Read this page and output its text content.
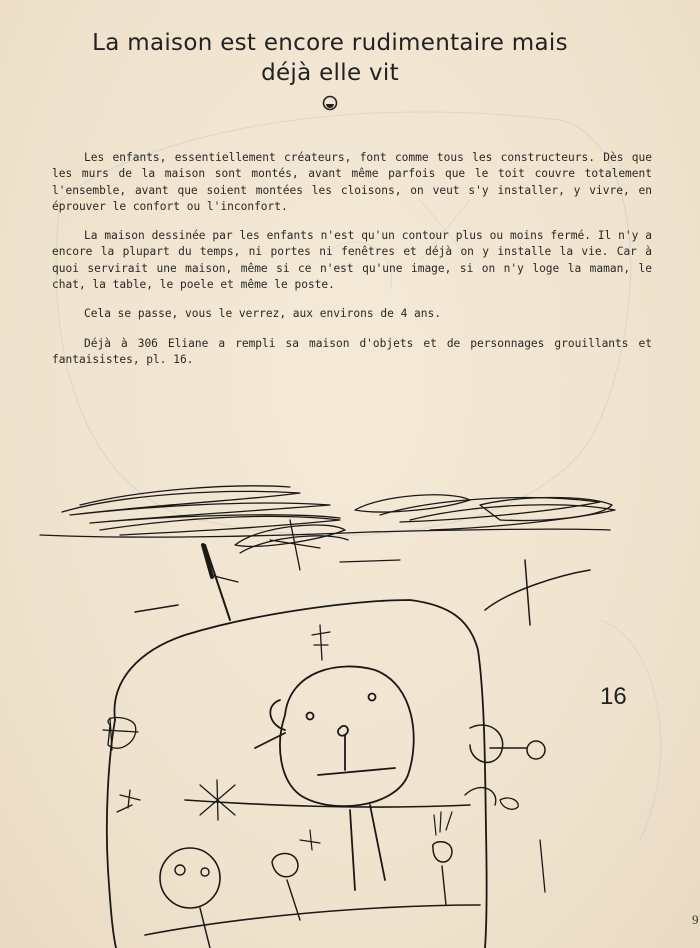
La maison est encore rudimentaire mais
déjà elle vit

Les enfants, essentiellement créateurs, font comme tous les constructeurs. Dès que les murs de la maison sont montés, avant même parfois que le toit couvre totalement l'ensemble, avant que soient montées les cloisons, on veut s'y installer, y vivre, en éprouver le confort ou l'inconfort.

La maison dessinée par les enfants n'est qu'un contour plus ou moins fermé. Il n'y a encore la plupart du temps, ni portes ni fenêtres et déjà on y installe la vie. Car à quoi servirait une maison, même si ce n'est qu'une image, si on n'y loge la maman, le chat, la table, le poele et même le poste.

Cela se passe, vous le verrez, aux environs de 4 ans.

Déjà à 306 Eliane a rempli sa maison d'objets et de personnages grouillants et fantaisistes, pl. 16.

16
9
